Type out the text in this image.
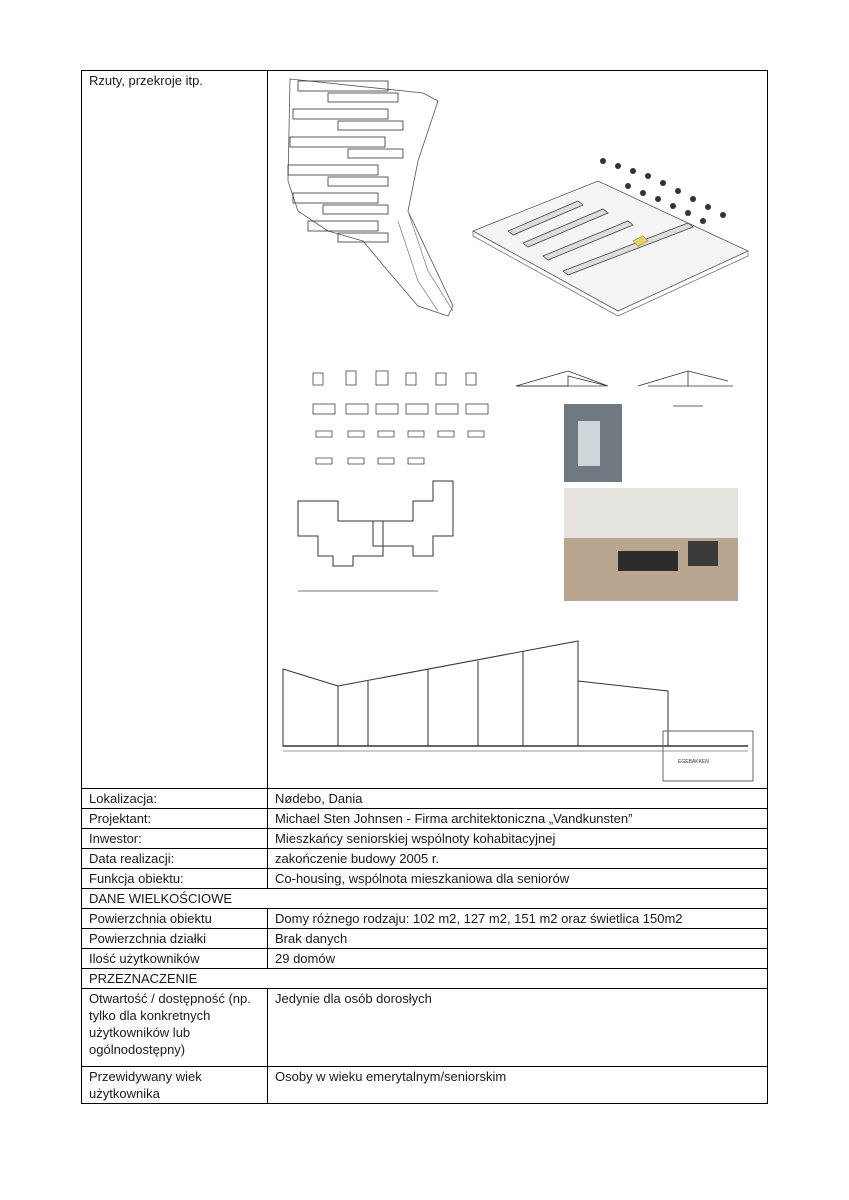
Rzuty, przekroje itp.	EGEBAKKEN

Lokalizacja:	Nødebo, Dania
Projektant:	Michael Sten Johnsen - Firma architektoniczna „Vandkunsten”
Inwestor:	Mieszkańcy seniorskiej wspólnoty kohabitacyjnej
Data realizacji:	zakończenie budowy 2005 r.
Funkcja obiektu:	Co-housing, wspólnota mieszkaniowa dla seniorów
DANE WIELKOŚCIOWE	
Powierzchnia obiektu	Domy różnego rodzaju: 102 m2, 127 m2, 151 m2 oraz świetlica 150m2
Powierzchnia działki	Brak danych
Ilość użytkowników	29 domów
PRZEZNACZENIE	
Otwartość / dostępność (np. tylko dla konkretnych użytkowników lub ogólnodostępny)	Jedynie dla osób dorosłych
Przewidywany wiek użytkownika	Osoby w wieku emerytalnym/seniorskim
